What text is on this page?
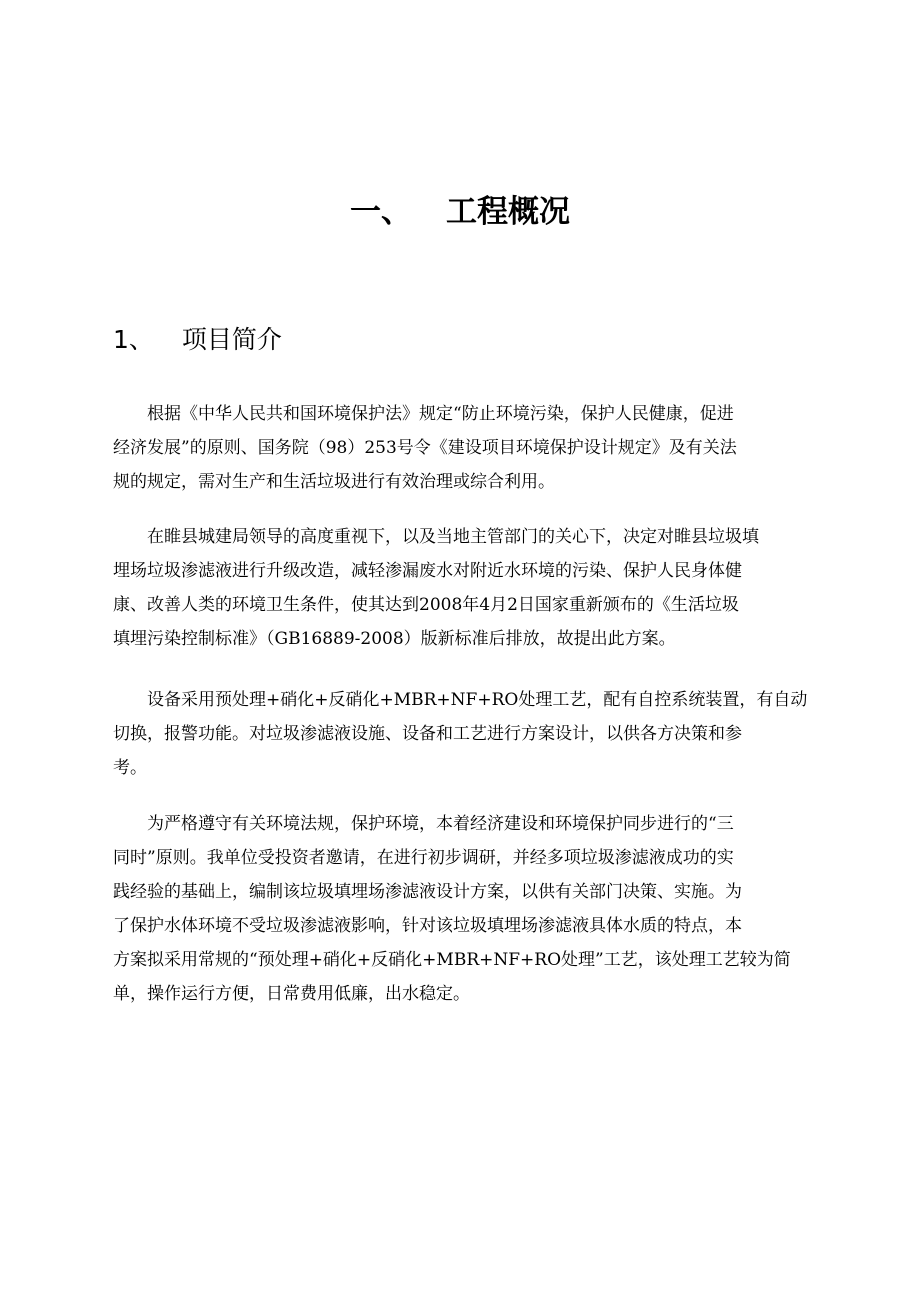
一、 工程概况
1、 项目简介

　　根据《中华人民共和国环境保护法》规定“防止环境污染，保护人民健康，促进
经济发展”的原则、国务院（98）253号令《建设项目环境保护设计规定》及有关法
规的规定，需对生产和生活垃圾进行有效治理或综合利用。

　　在睢县城建局领导的高度重视下，以及当地主管部门的关心下，决定对睢县垃圾填
埋场垃圾渗滤液进行升级改造，减轻渗漏废水对附近水环境的污染、保护人民身体健
康、改善人类的环境卫生条件，使其达到2008年4月2日国家重新颁布的《生活垃圾
填埋污染控制标准》（GB16889-2008）版新标准后排放，故提出此方案。

　　设备采用预处理+硝化+反硝化+MBR+NF+RO处理工艺，配有自控系统装置，有自动
切换，报警功能。对垃圾渗滤液设施、设备和工艺进行方案设计，以供各方决策和参
考。

　　为严格遵守有关环境法规，保护环境，本着经济建设和环境保护同步进行的“三
同时”原则。我单位受投资者邀请，在进行初步调研，并经多项垃圾渗滤液成功的实
践经验的基础上，编制该垃圾填埋场渗滤液设计方案，以供有关部门决策、实施。为
了保护水体环境不受垃圾渗滤液影响，针对该垃圾填埋场渗滤液具体水质的特点，本
方案拟采用常规的“预处理+硝化+反硝化+MBR+NF+RO处理”工艺，该处理工艺较为简
单，操作运行方便，日常费用低廉，出水稳定。
